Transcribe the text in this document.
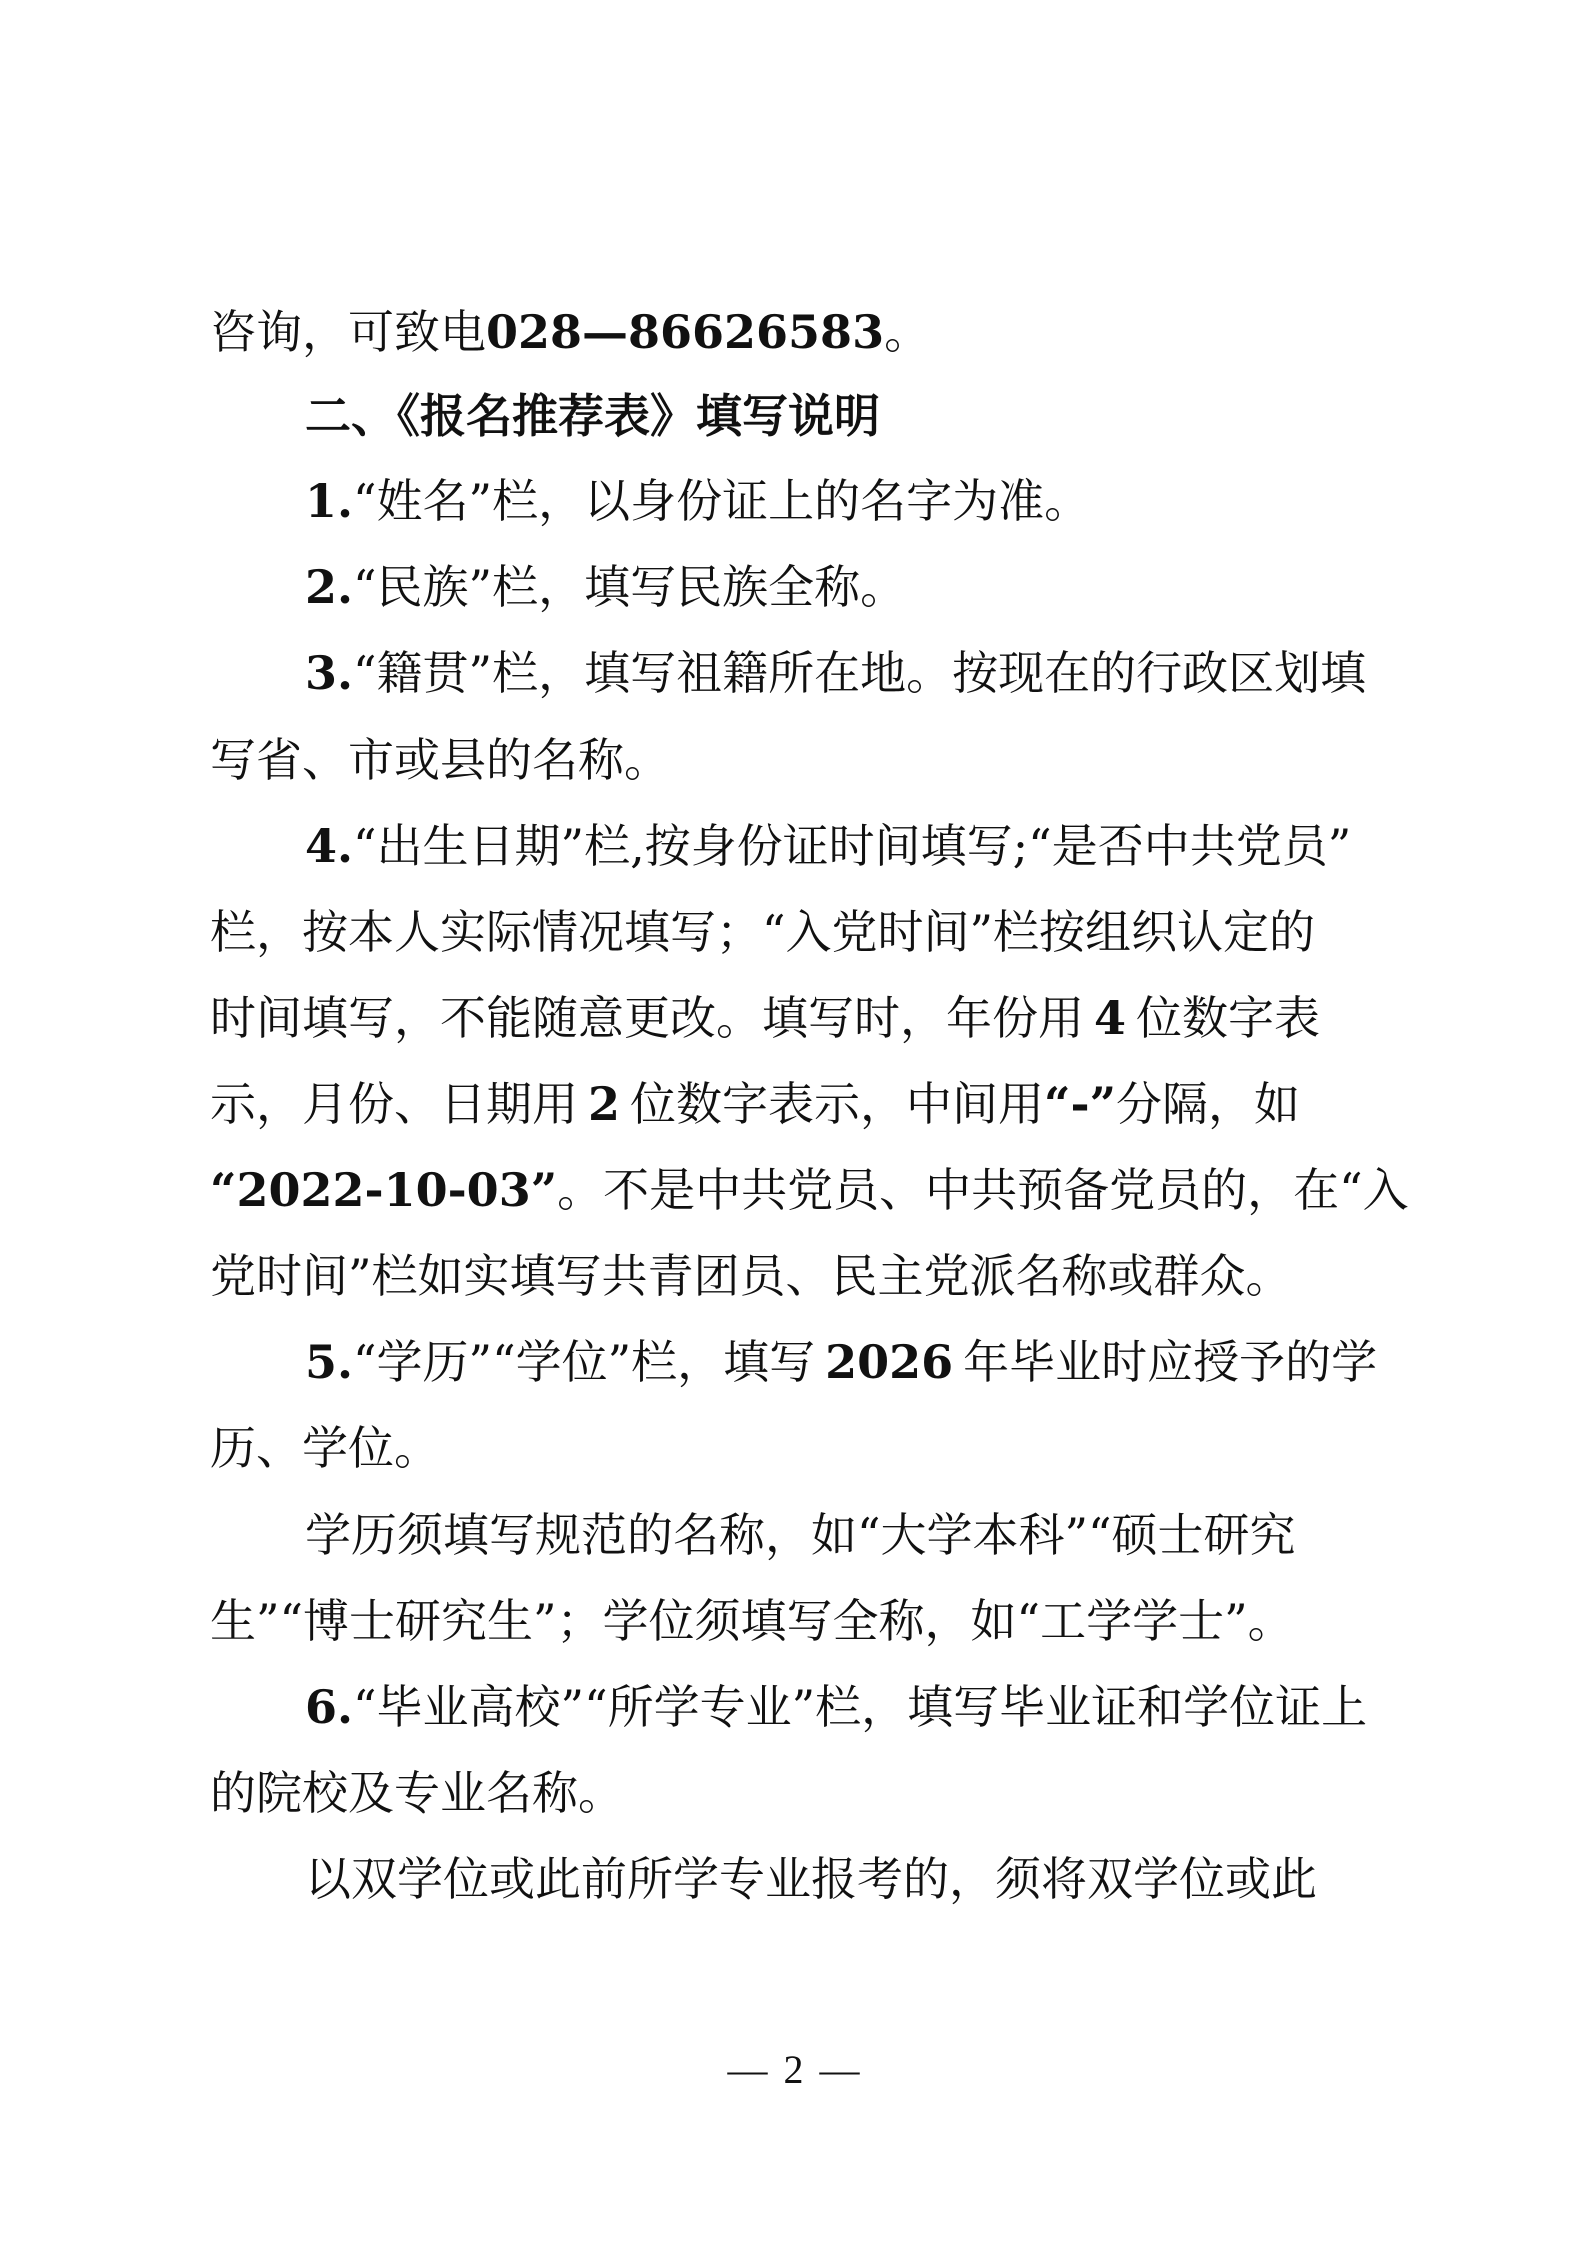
咨询，可致电028—86626583。
二、《报名推荐表》填写说明
1.“姓名”栏，以身份证上的名字为准。
2.“民族”栏，填写民族全称。
3.“籍贯”栏，填写祖籍所在地。按现在的行政区划填
写省、市或县的名称。
4.“出生日期”栏,按身份证时间填写;“是否中共党员”
栏，按本人实际情况填写；“入党时间”栏按组织认定的
时间填写，不能随意更改。填写时，年份用 4 位数字表
示，月份、日期用 2 位数字表示，中间用“-”分隔，如
“2022-10-03”。不是中共党员、中共预备党员的，在“入
党时间”栏如实填写共青团员、民主党派名称或群众。
5.“学历”“学位”栏，填写 2026 年毕业时应授予的学
历、学位。
学历须填写规范的名称，如“大学本科”“硕士研究
生”“博士研究生”；学位须填写全称，如“工学学士”。
6.“毕业高校”“所学专业”栏，填写毕业证和学位证上
的院校及专业名称。
以双学位或此前所学专业报考的，须将双学位或此
— 2 —
